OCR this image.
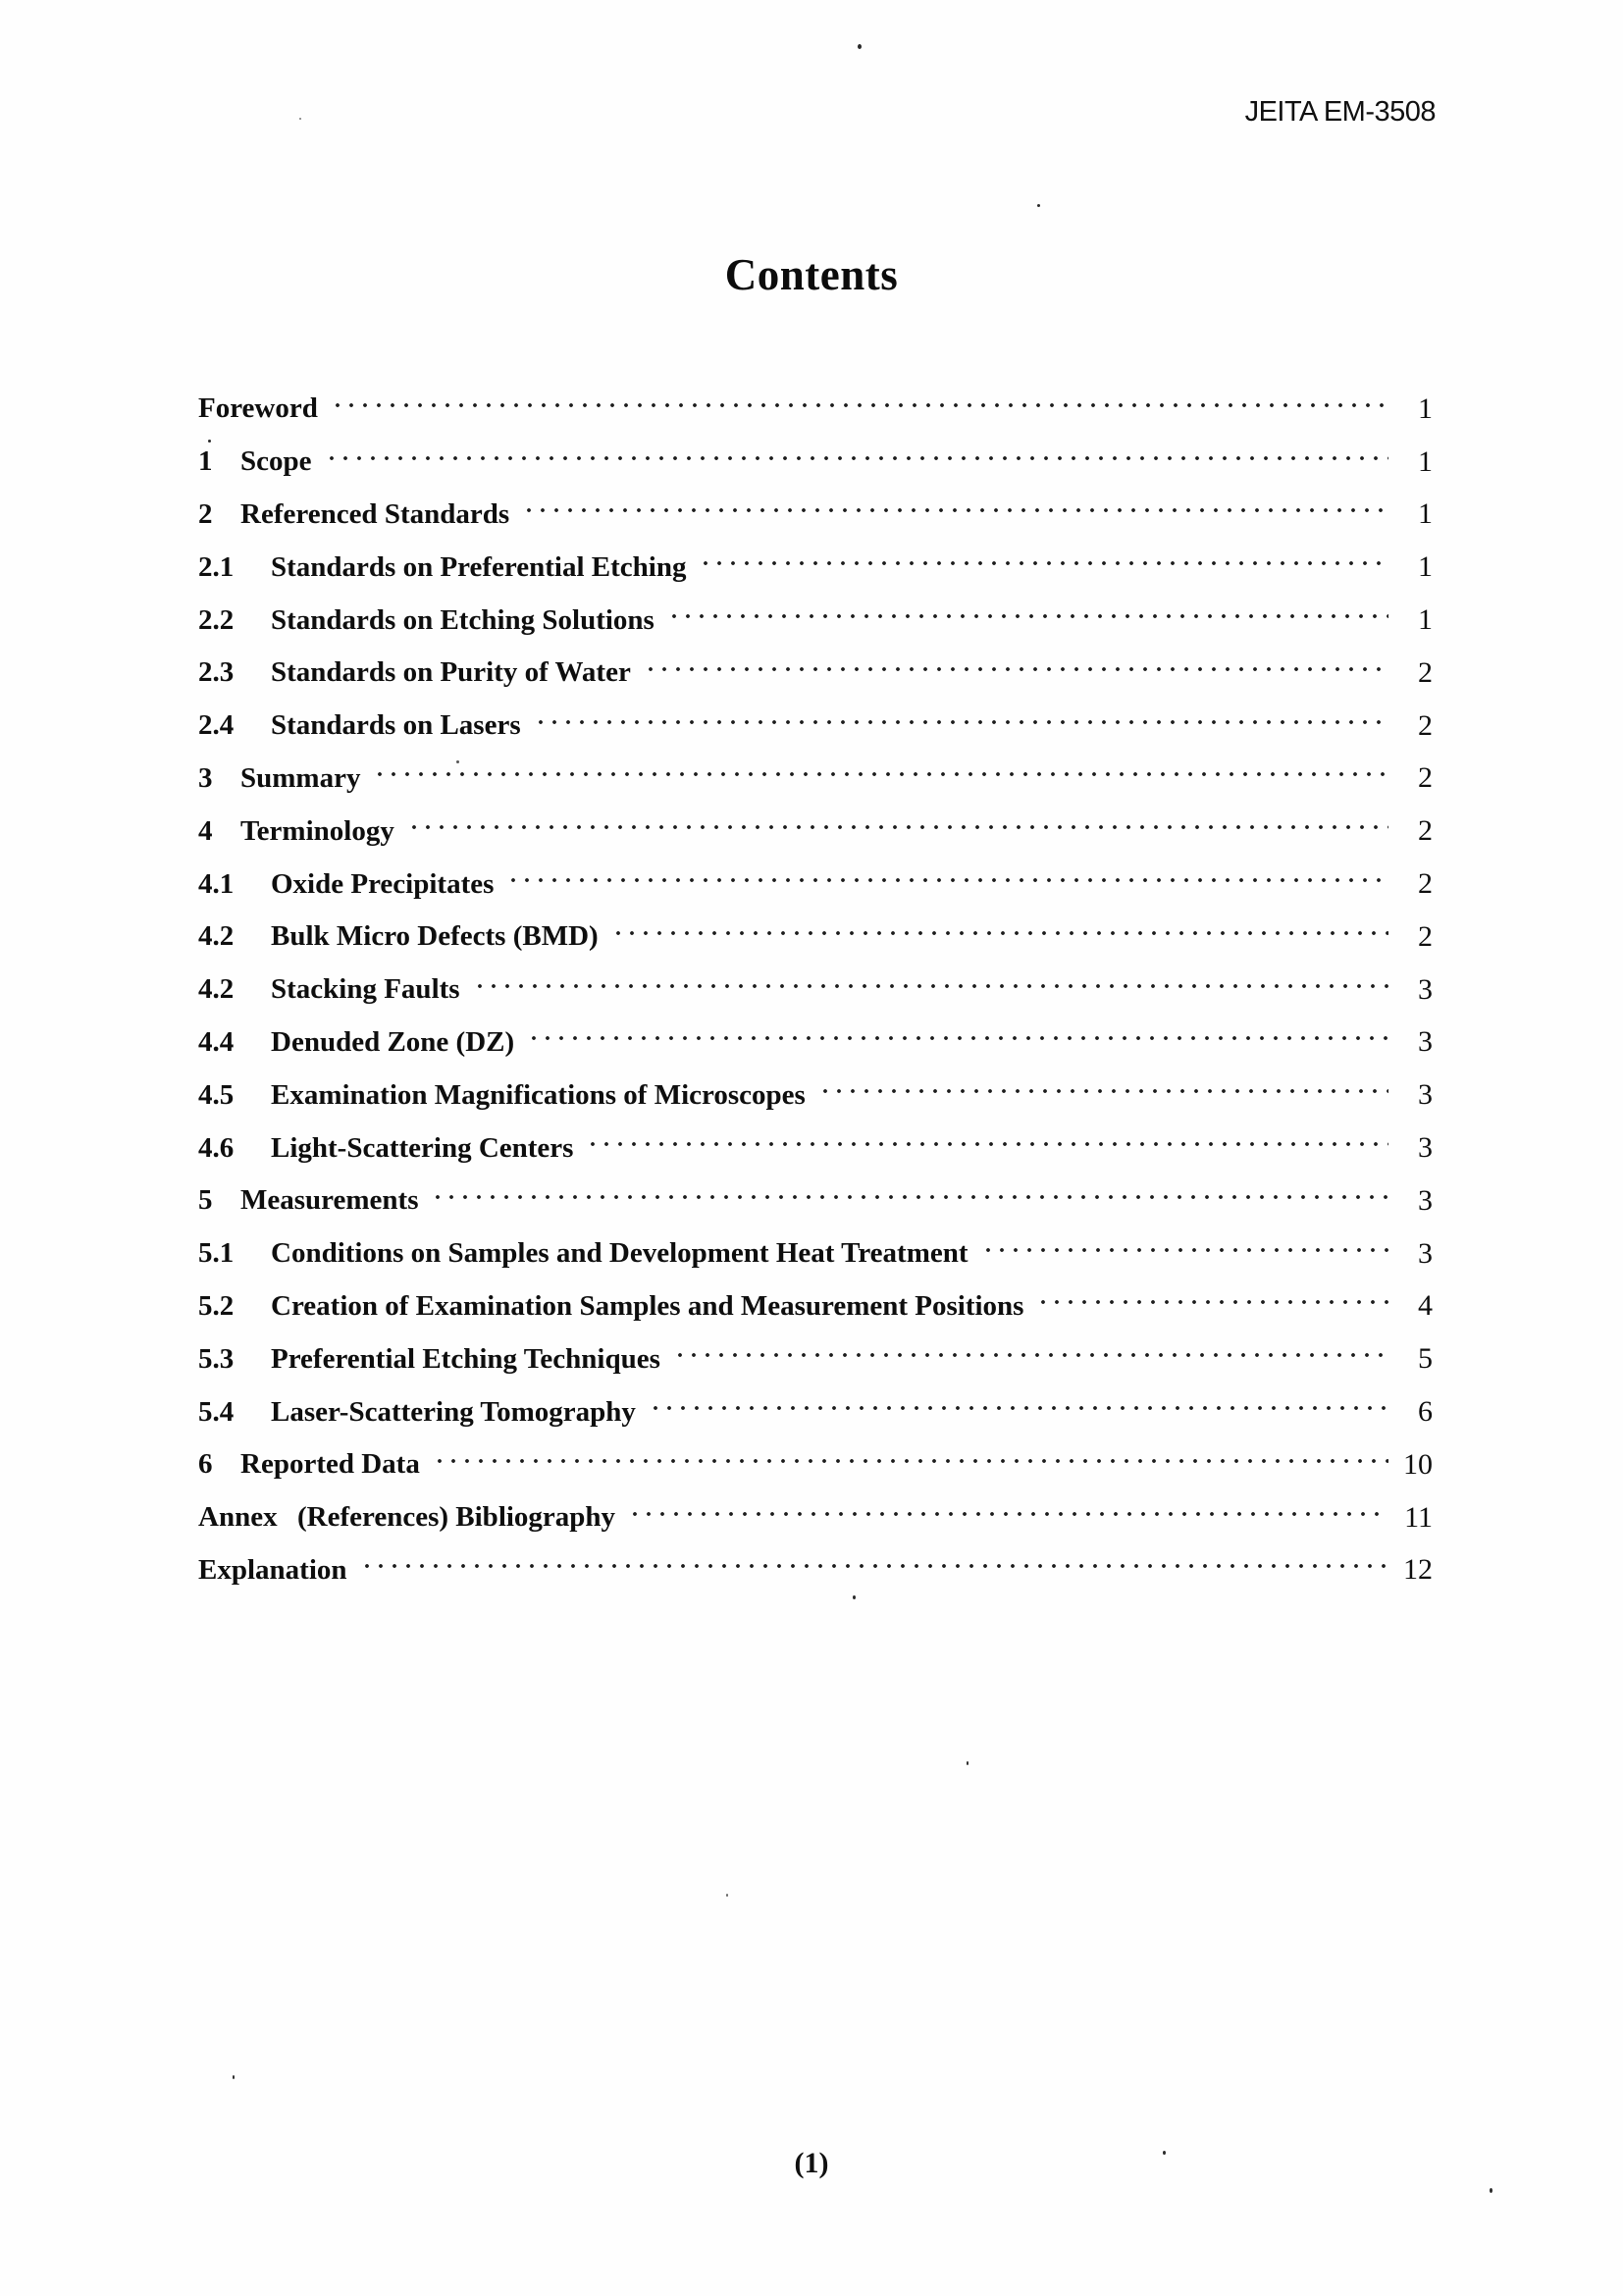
JEITA EM-3508
Contents
Foreword	1
1 Scope	1
2 Referenced Standards	1
2.1	Standards on Preferential Etching	1
2.2	Standards on Etching Solutions	1
2.3	Standards on Purity of Water	2
2.4	Standards on Lasers	2
3 Summary	2
4 Terminology	2
4.1	Oxide Precipitates	2
4.2	Bulk Micro Defects (BMD)	2
4.2	Stacking Faults	3
4.4	Denuded Zone (DZ)	3
4.5	Examination Magnifications of Microscopes	3
4.6	Light-Scattering Centers	3
5 Measurements	3
5.1	Conditions on Samples and Development Heat Treatment	3
5.2	Creation of Examination Samples and Measurement Positions	4
5.3	Preferential Etching Techniques	5
5.4	Laser-Scattering Tomography	6
6 Reported Data	10
Annex (References) Bibliography	11
Explanation	12
(1)
